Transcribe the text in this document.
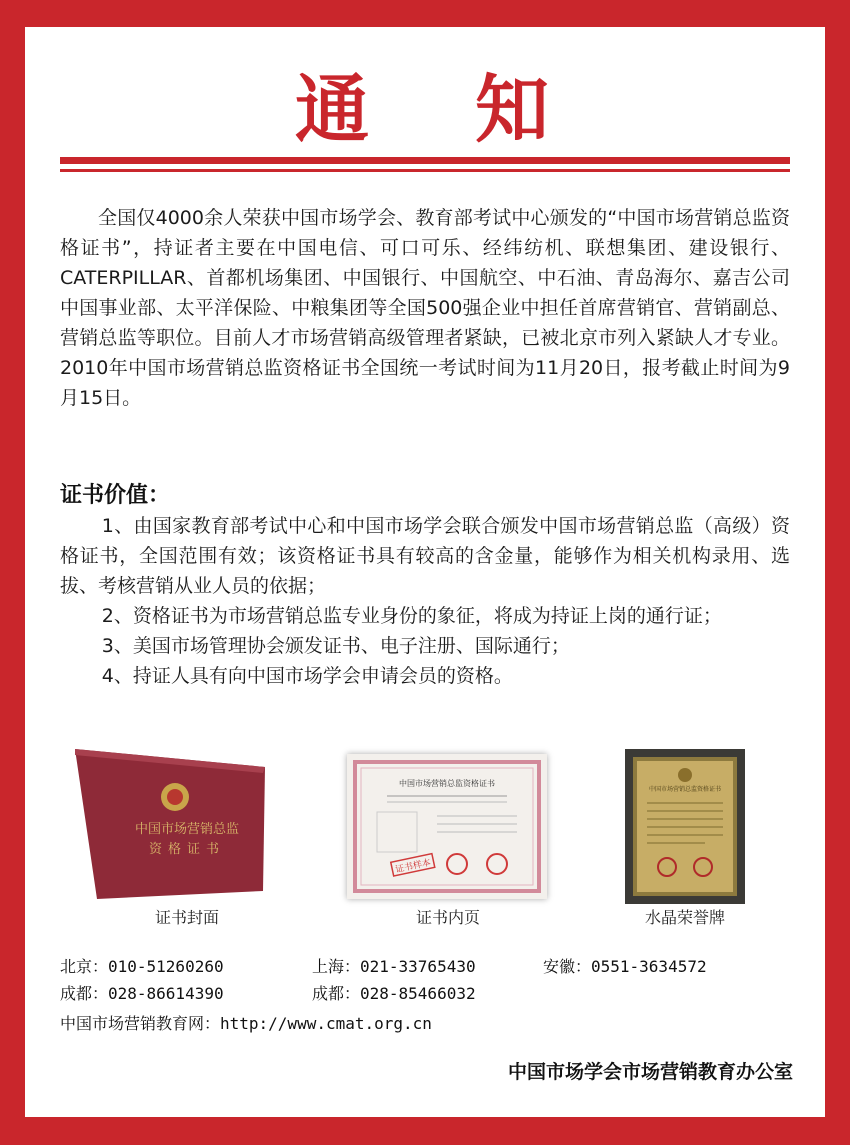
通 知

全国仅4000余人荣获中国市场学会、教育部考试中心颁发的“中国市场营销总监资格证书”，持证者主要在中国电信、可口可乐、经纬纺机、联想集团、建设银行、CATERPILLAR、首都机场集团、中国银行、中国航空、中石油、青岛海尔、嘉吉公司中国事业部、太平洋保险、中粮集团等全国500强企业中担任首席营销官、营销副总、营销总监等职位。目前人才市场营销高级管理者紧缺，已被北京市列入紧缺人才专业。 2010年中国市场营销总监资格证书全国统一考试时间为11月20日，报考截止时间为9月15日。

证书价值：

1、由国家教育部考试中心和中国市场学会联合颁发中国市场营销总监（高级）资格证书，全国范围有效；该资格证书具有较高的含金量，能够作为相关机构录用、选拔、考核营销从业人员的依据；

2、资格证书为市场营销总监专业身份的象征，将成为持证上岗的通行证；

3、美国市场管理协会颁发证书、电子注册、国际通行；

4、持证人具有向中国市场学会申请会员的资格。

中国市场营销总监
资格证书
中国市场营销总监资格证书
证书样本
中国市场营销总监资格证书
证书封面	证书内页	水晶荣誉牌
北京：010-51260260	上海：021-33765430	安徽：0551-3634572
成都：028-86614390	成都：028-85466032
中国市场营销教育网：http://www.cmat.org.cn
中国市场学会市场营销教育办公室
